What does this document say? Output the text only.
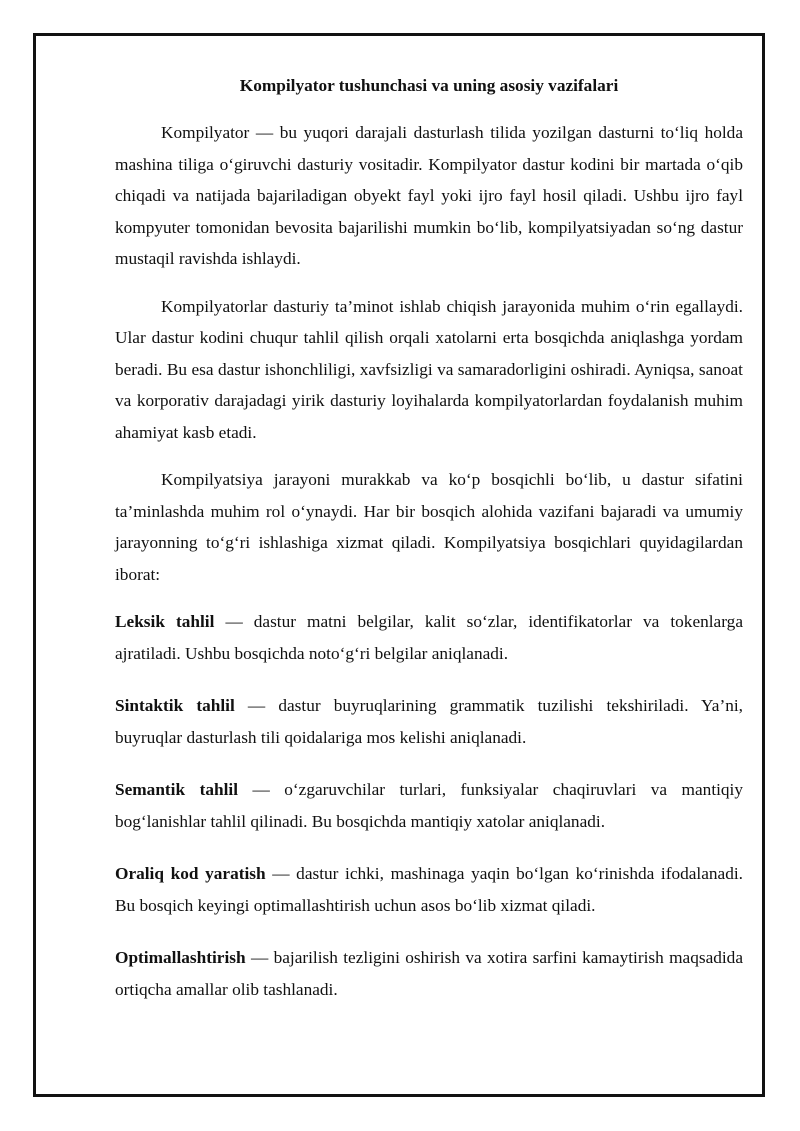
Kompilyator tushunchasi va uning asosiy vazifalari

Kompilyator — bu yuqori darajali dasturlash tilida yozilgan dasturni to‘liq holda mashina tiliga o‘giruvchi dasturiy vositadir. Kompilyator dastur kodini bir martada o‘qib chiqadi va natijada bajariladigan obyekt fayl yoki ijro fayl hosil qiladi. Ushbu ijro fayl kompyuter tomonidan bevosita bajarilishi mumkin bo‘lib, kompilyatsiyadan so‘ng dastur mustaqil ravishda ishlaydi.

Kompilyatorlar dasturiy ta’minot ishlab chiqish jarayonida muhim o‘rin egallaydi. Ular dastur kodini chuqur tahlil qilish orqali xatolarni erta bosqichda aniqlashga yordam beradi. Bu esa dastur ishonchliligi, xavfsizligi va samaradorligini oshiradi. Ayniqsa, sanoat va korporativ darajadagi yirik dasturiy loyihalarda kompilyatorlardan foydalanish muhim ahamiyat kasb etadi.

Kompilyatsiya jarayoni murakkab va ko‘p bosqichli bo‘lib, u dastur sifatini ta’minlashda muhim rol o‘ynaydi. Har bir bosqich alohida vazifani bajaradi va umumiy jarayonning to‘g‘ri ishlashiga xizmat qiladi. Kompilyatsiya bosqichlari quyidagilardan iborat:

Leksik tahlil — dastur matni belgilar, kalit so‘zlar, identifikatorlar va tokenlarga ajratiladi. Ushbu bosqichda noto‘g‘ri belgilar aniqlanadi.

Sintaktik tahlil — dastur buyruqlarining grammatik tuzilishi tekshiriladi. Ya’ni, buyruqlar dasturlash tili qoidalariga mos kelishi aniqlanadi.

Semantik tahlil — o‘zgaruvchilar turlari, funksiyalar chaqiruvlari va mantiqiy bog‘lanishlar tahlil qilinadi. Bu bosqichda mantiqiy xatolar aniqlanadi.

Oraliq kod yaratish — dastur ichki, mashinaga yaqin bo‘lgan ko‘rinishda ifodalanadi. Bu bosqich keyingi optimallashtirish uchun asos bo‘lib xizmat qiladi.

Optimallashtirish — bajarilish tezligini oshirish va xotira sarfini kamaytirish maqsadida ortiqcha amallar olib tashlanadi.
